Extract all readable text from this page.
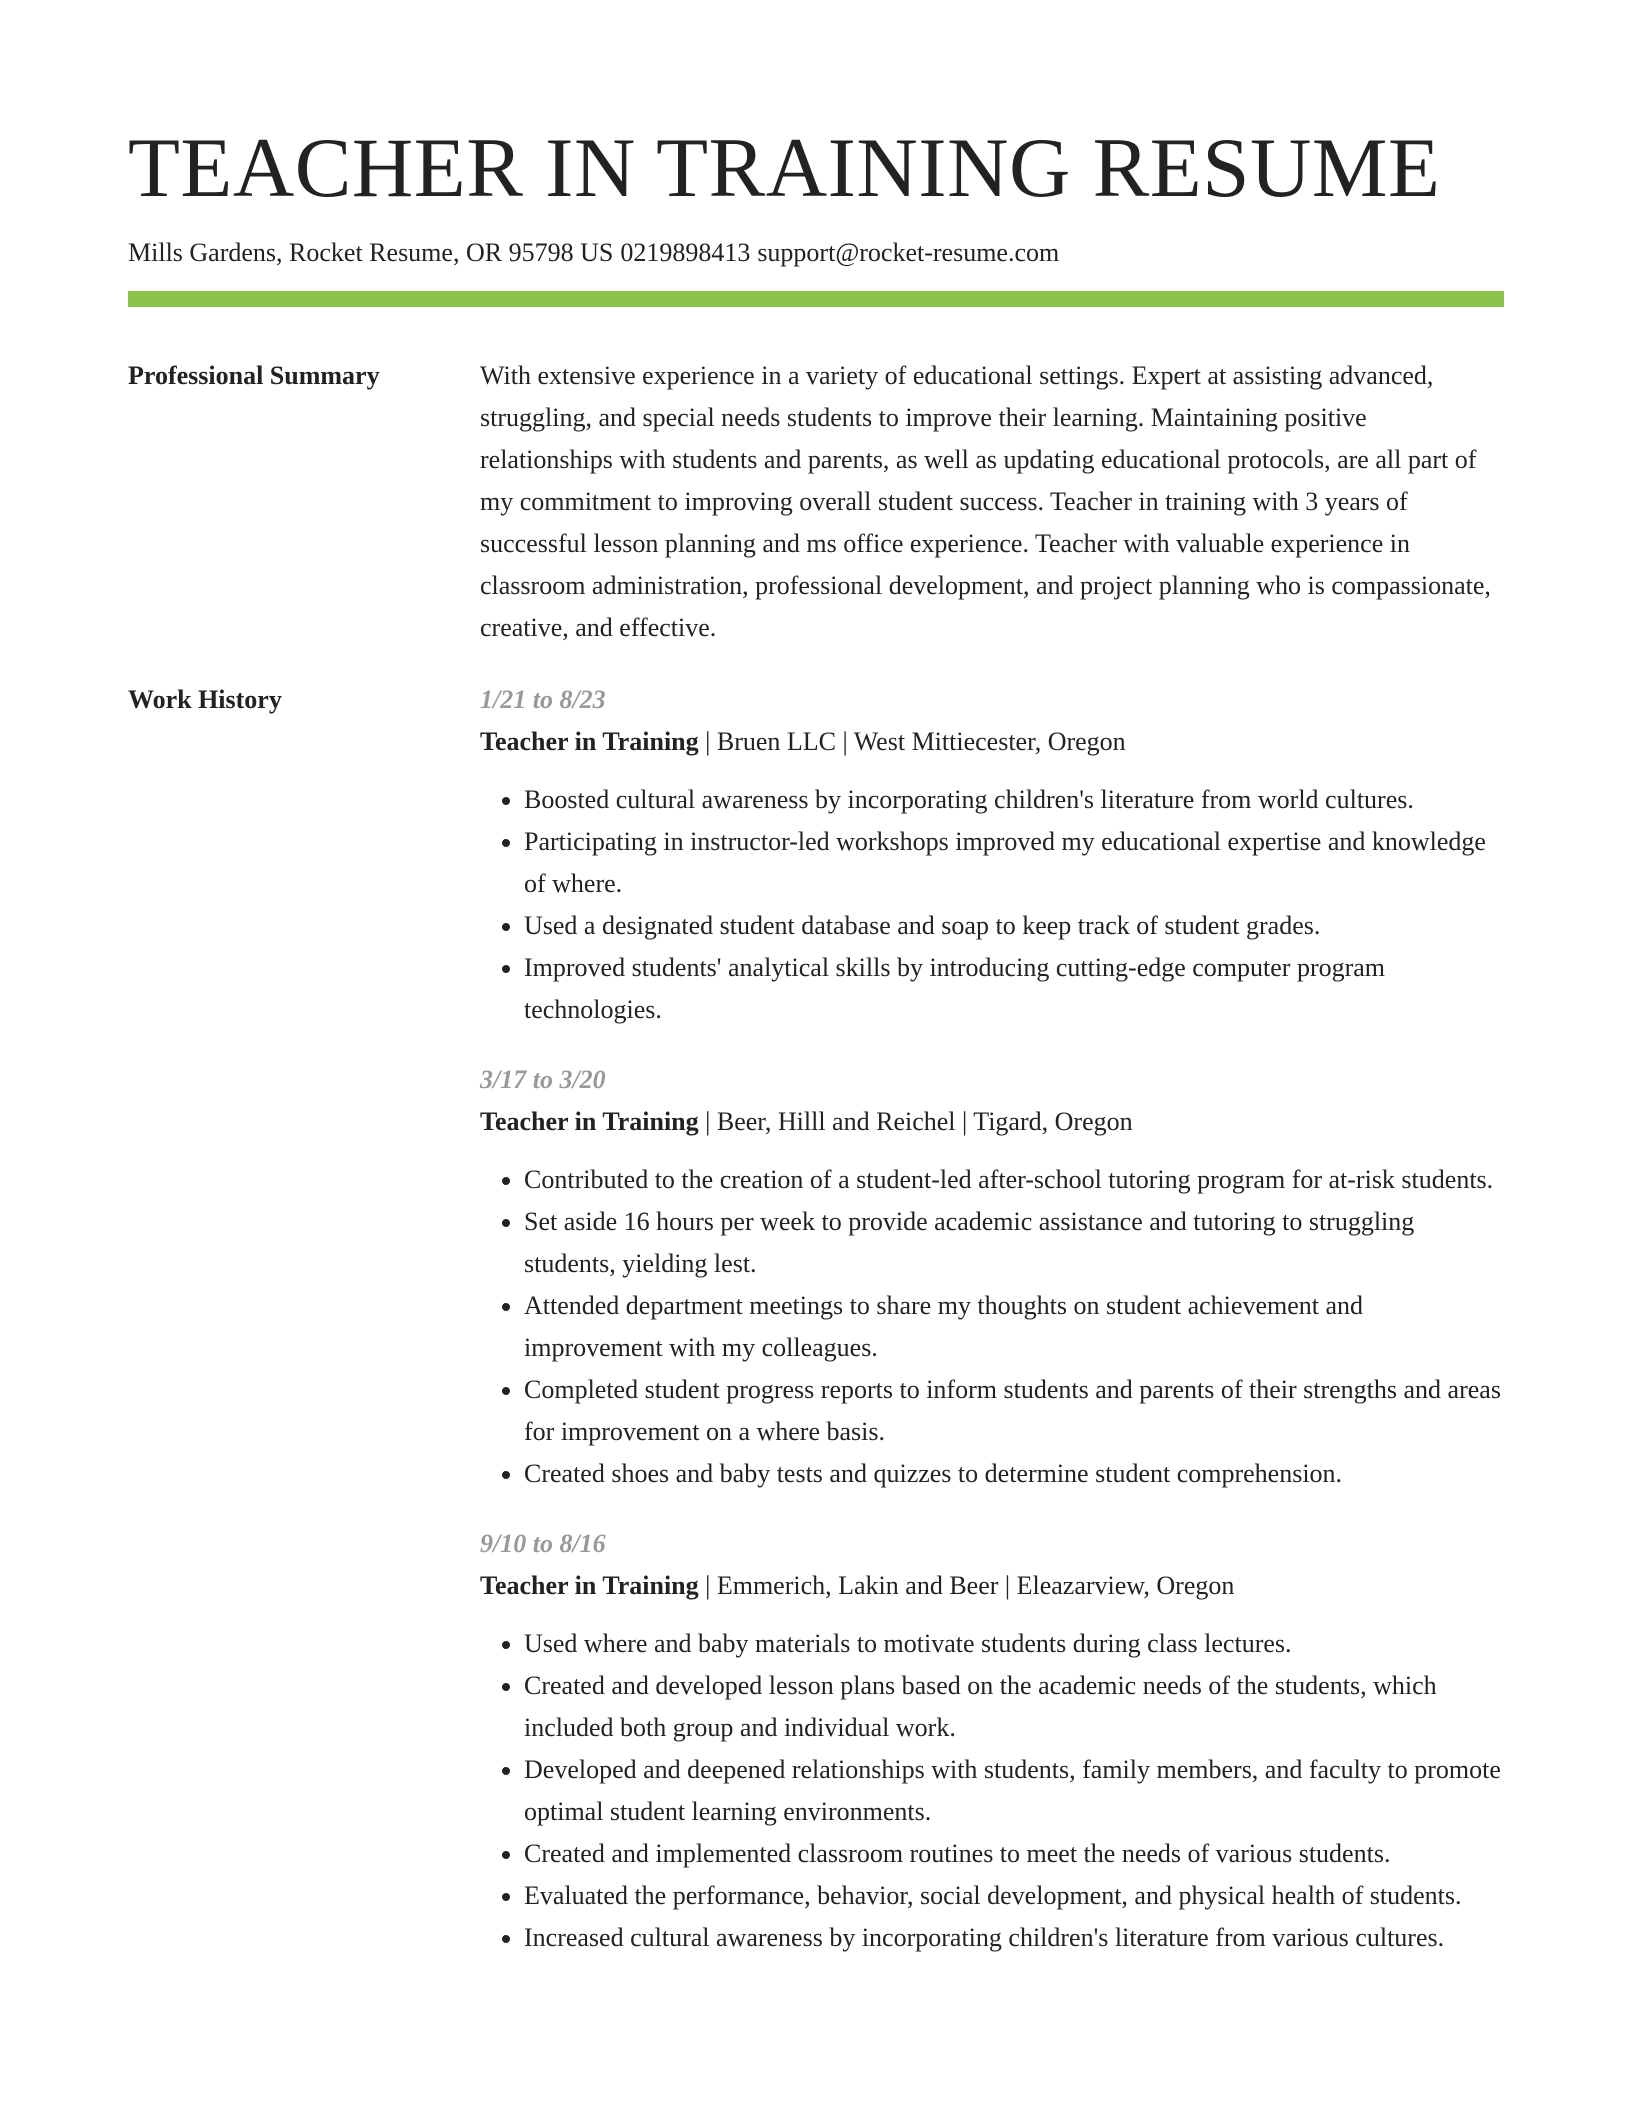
TEACHER IN TRAINING RESUME
Mills Gardens, Rocket Resume, OR 95798 US 0219898413 support@rocket-resume.com
Professional Summary	With extensive experience in a variety of educational settings. Expert at assisting advanced, struggling, and special needs students to improve their learning. Maintaining positive relationships with students and parents, as well as updating educational protocols, are all part of my commitment to improving overall student success. Teacher in training with 3 years of successful lesson planning and ms office experience. Teacher with valuable experience in classroom administration, professional development, and project planning who is compassionate, creative, and effective.

Work History	1/21 to 8/23
Teacher in Training | Bruen LLC | West Mittiecester, Oregon
• Boosted cultural awareness by incorporating children's literature from world cultures.
• Participating in instructor-led workshops improved my educational expertise and knowledge of where.
• Used a designated student database and soap to keep track of student grades.
• Improved students' analytical skills by introducing cutting-edge computer program technologies.
3/17 to 3/20
Teacher in Training | Beer, Hilll and Reichel | Tigard, Oregon
• Contributed to the creation of a student-led after-school tutoring program for at-risk students.
• Set aside 16 hours per week to provide academic assistance and tutoring to struggling students, yielding lest.
• Attended department meetings to share my thoughts on student achievement and improvement with my colleagues.
• Completed student progress reports to inform students and parents of their strengths and areas for improvement on a where basis.
• Created shoes and baby tests and quizzes to determine student comprehension.
9/10 to 8/16
Teacher in Training | Emmerich, Lakin and Beer | Eleazarview, Oregon
• Used where and baby materials to motivate students during class lectures.
• Created and developed lesson plans based on the academic needs of the students, which included both group and individual work.
• Developed and deepened relationships with students, family members, and faculty to promote optimal student learning environments.
• Created and implemented classroom routines to meet the needs of various students.
• Evaluated the performance, behavior, social development, and physical health of students.
• Increased cultural awareness by incorporating children's literature from various cultures.
